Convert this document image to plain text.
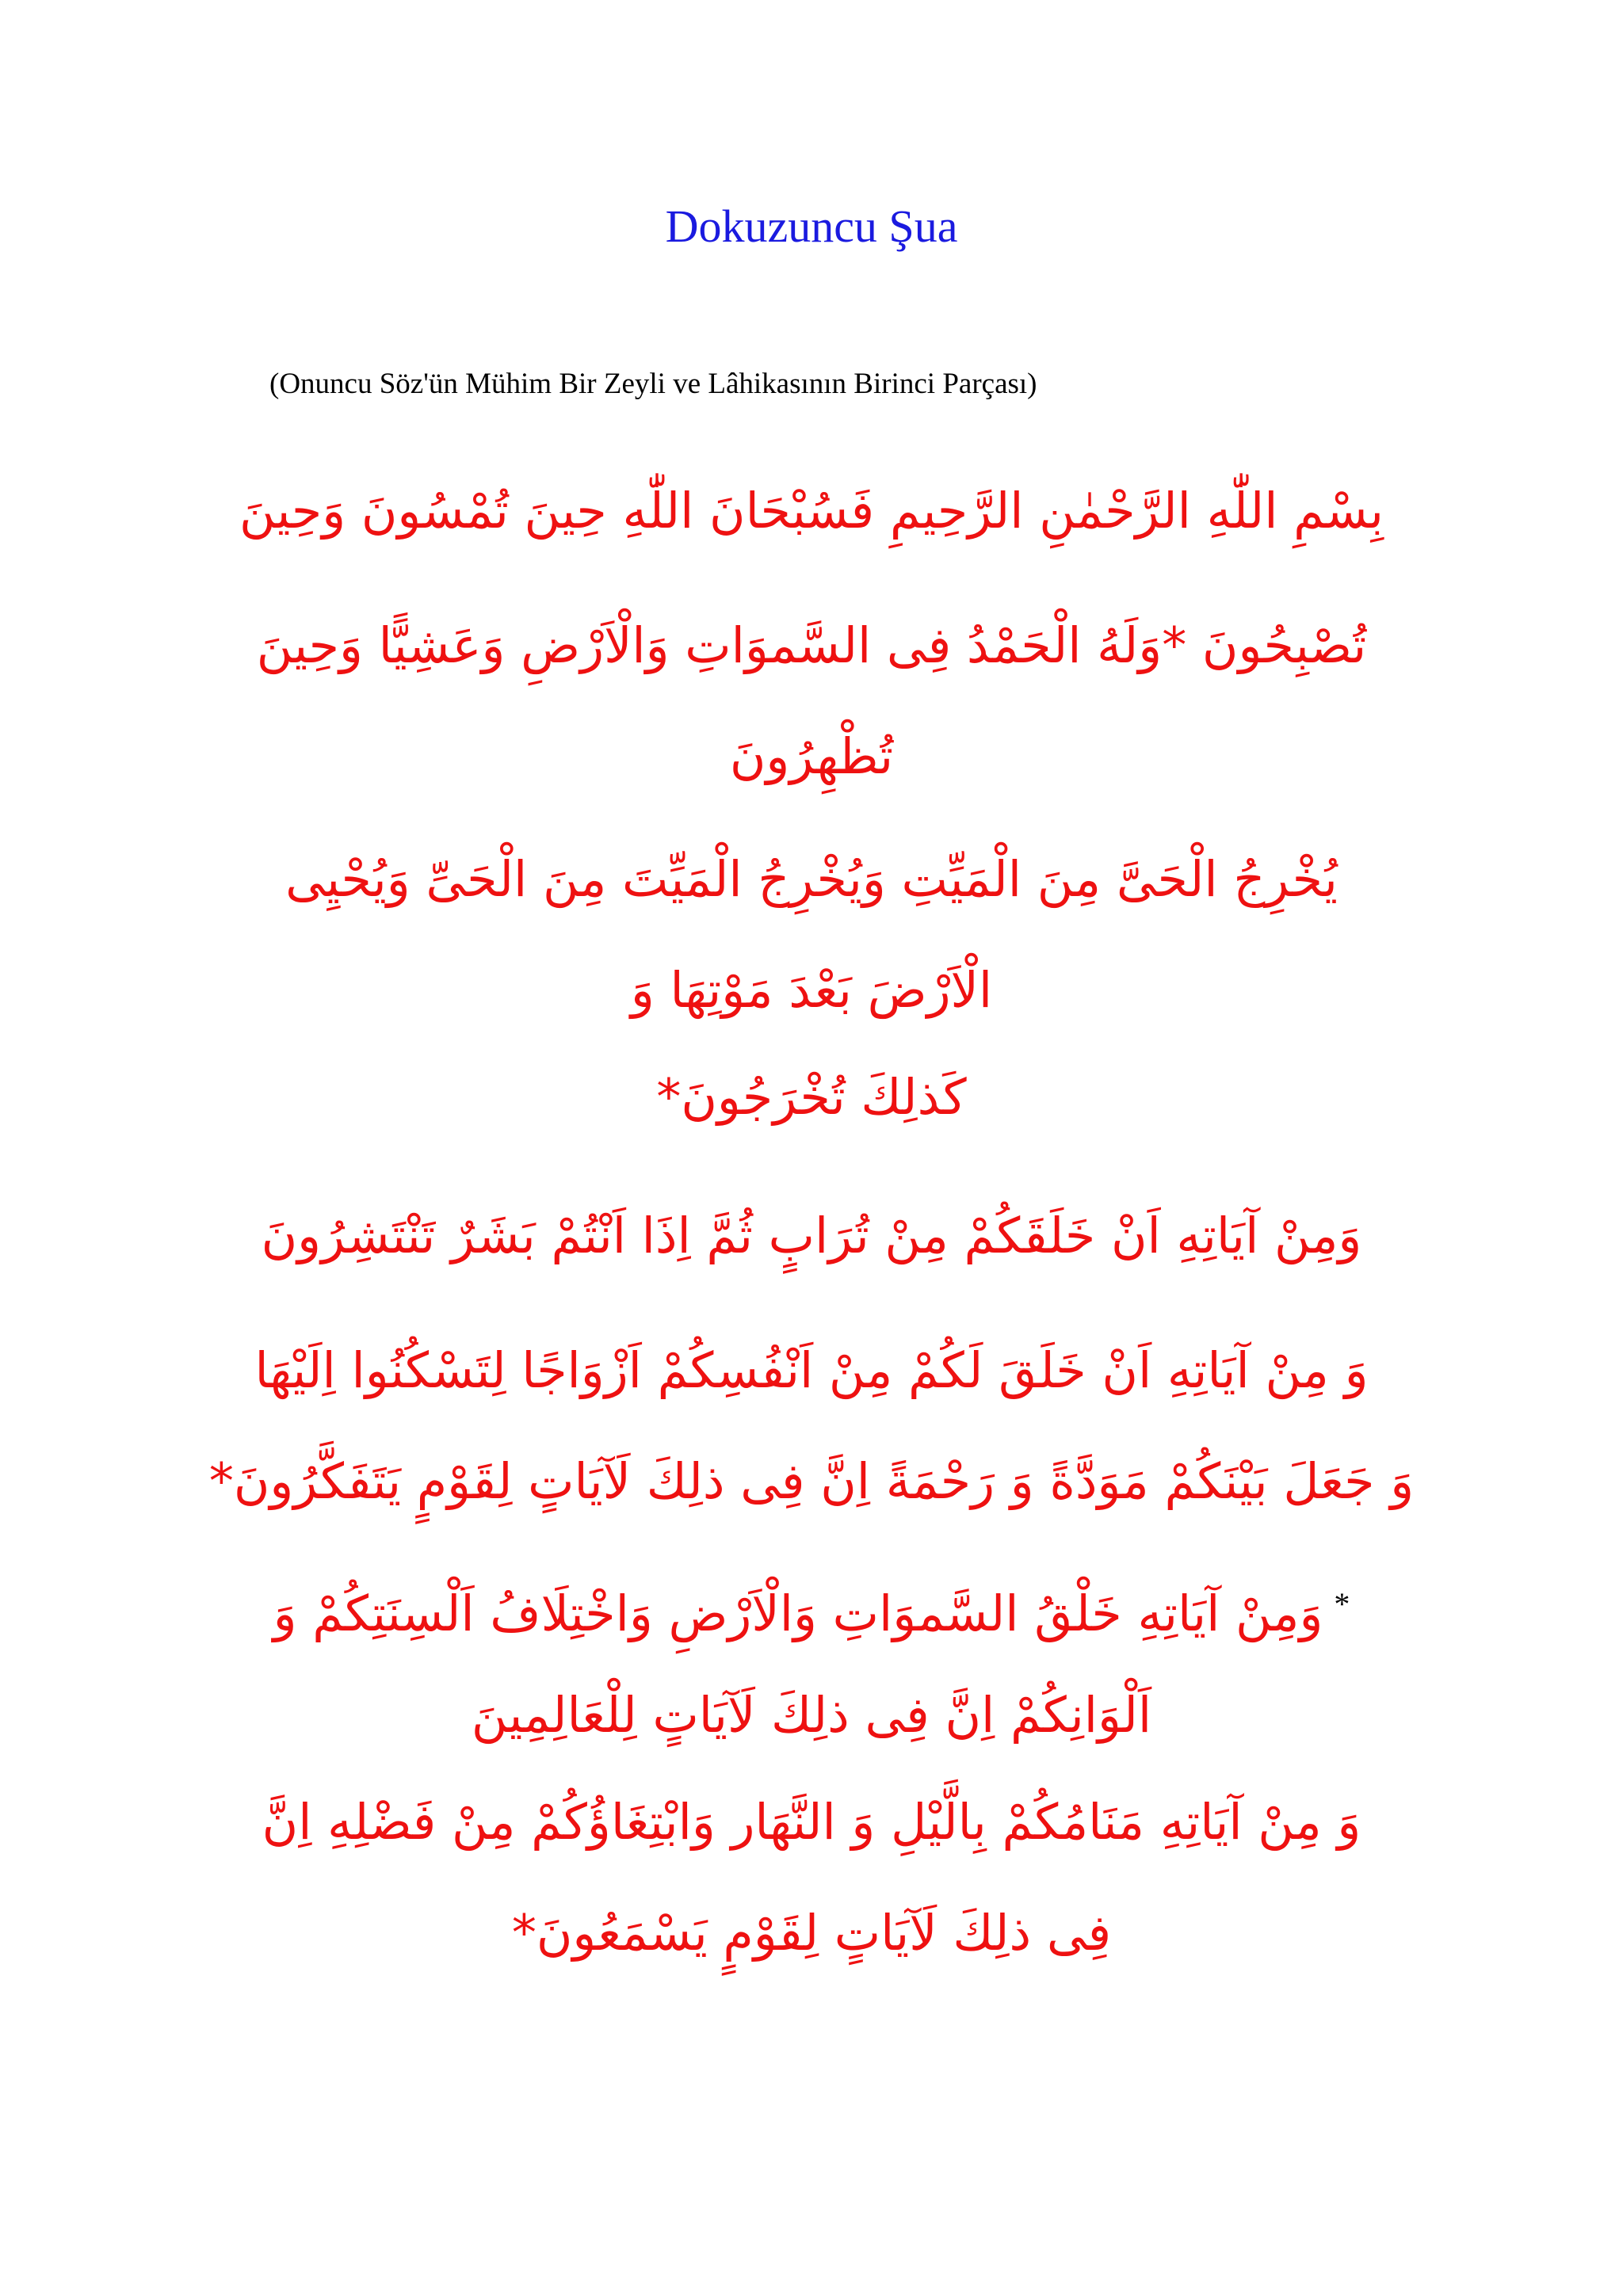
Dokuzuncu Şua
(Onuncu Söz'ün Mühim Bir Zeyli ve Lâhikasının Birinci Parçası)
بِسْمِ اللّٰهِ الرَّحْمٰنِ الرَّحِيمِ فَسُبْحَانَ اللّٰهِ حِينَ تُمْسُونَ وَحِينَ
تُصْبِحُونَ *وَلَهُ الْحَمْدُ فِى السَّموَاتِ وَالْاَرْضِ وَعَشِيًّا وَحِينَ
تُظْهِرُونَ
يُخْرِجُ الْحَىَّ مِنَ الْمَيِّتِ وَيُخْرِجُ الْمَيِّتَ مِنَ الْحَىِّ وَيُحْيِى
الْاَرْضَ بَعْدَ مَوْتِهَا وَ
كَذلِكَ تُخْرَجُونَ*
وَمِنْ آيَاتِهِ اَنْ خَلَقَكُمْ مِنْ تُرَابٍ ثُمَّ اِذَا اَنْتُمْ بَشَرٌ تَنْتَشِرُونَ
وَ مِنْ آيَاتِهِ اَنْ خَلَقَ لَكُمْ مِنْ اَنْفُسِكُمْ اَزْوَاجًا لِتَسْكُنُوا اِلَيْهَا
وَ جَعَلَ بَيْنَكُمْ مَوَدَّةً وَ رَحْمَةً اِنَّ فِى ذلِكَ لَآيَاتٍ لِقَوْمٍ يَتَفَكَّرُونَ*
*وَمِنْ آيَاتِهِ خَلْقُ السَّموَاتِ وَالْاَرْضِ وَاخْتِلَافُ اَلْسِنَتِكُمْ وَ
اَلْوَانِكُمْ اِنَّ فِى ذلِكَ لَآيَاتٍ لِلْعَالِمِينَ
وَ مِنْ آيَاتِهِ مَنَامُكُمْ بِالَّيْلِ وَ النَّهَار وَابْتِغَاؤُكُمْ مِنْ فَضْلِهِ اِنَّ
فِى ذلِكَ لَآيَاتٍ لِقَوْمٍ يَسْمَعُونَ*
